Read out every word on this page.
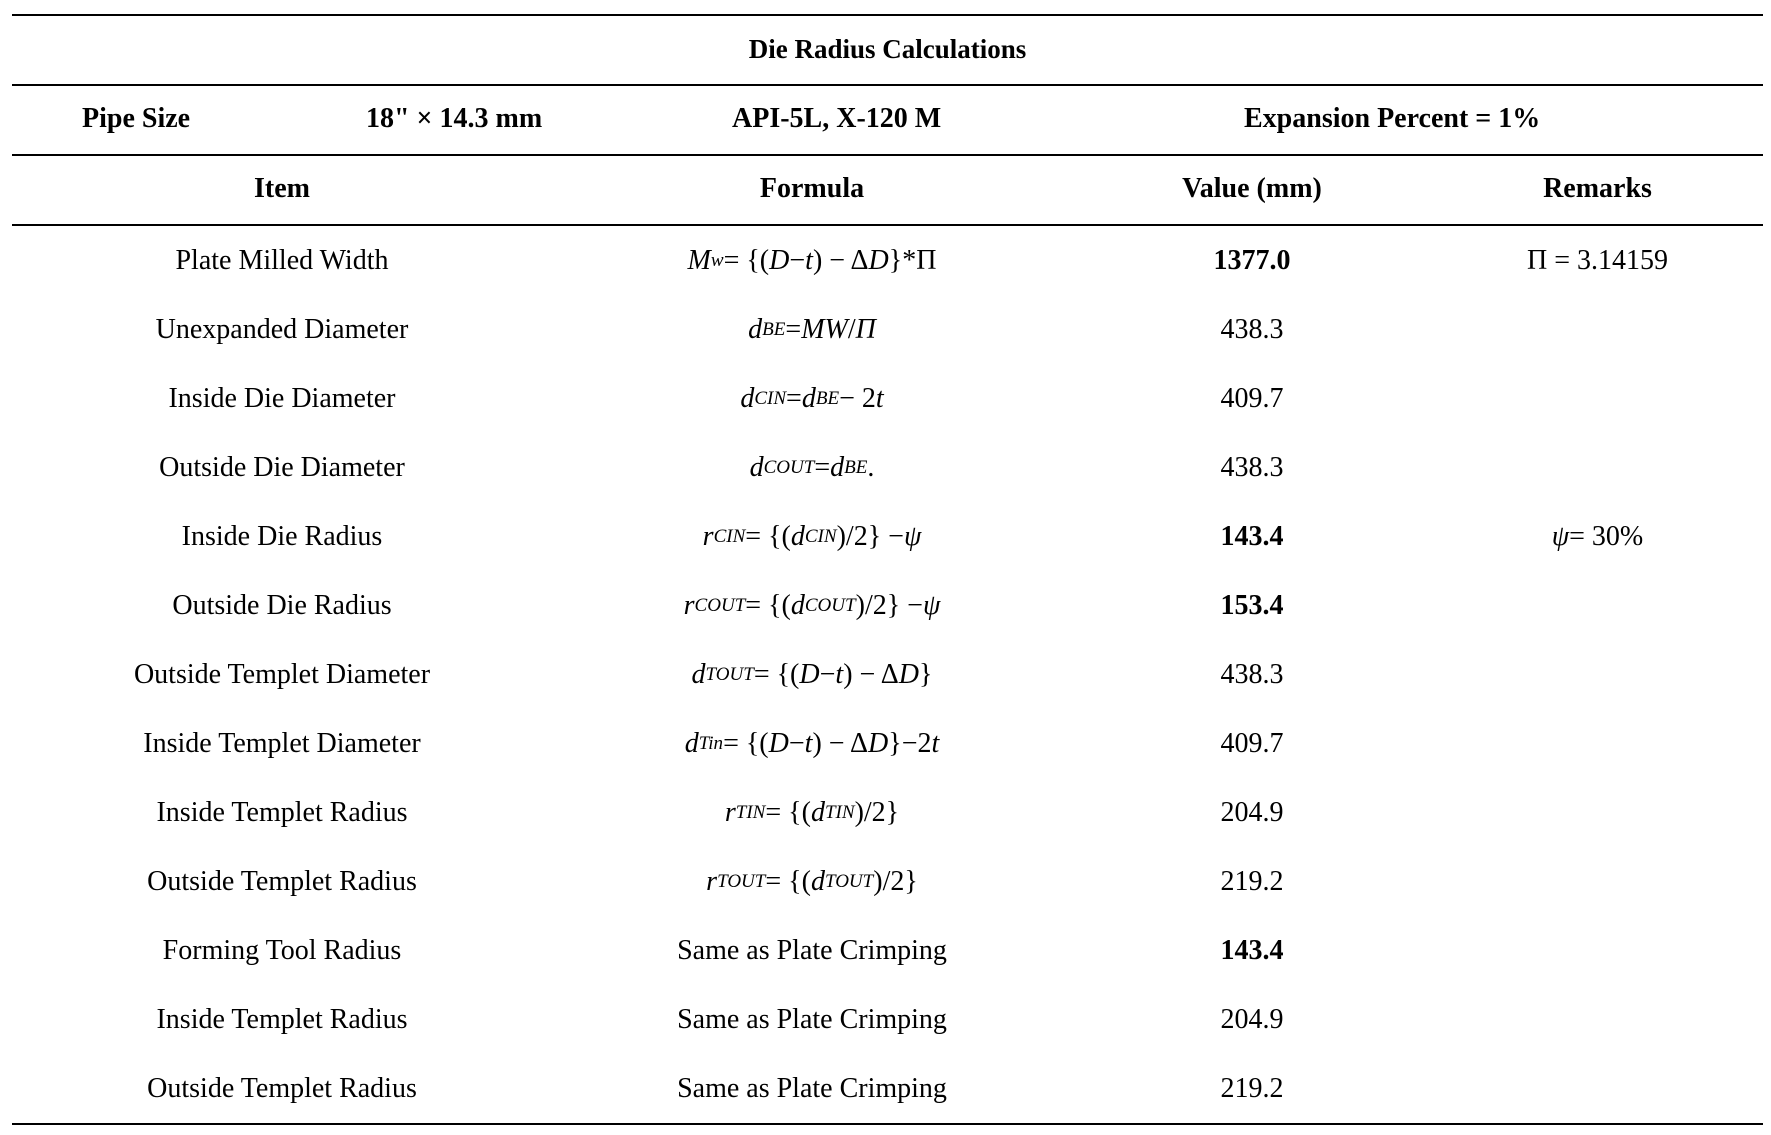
Die Radius Calculations
Pipe Size	18" × 14.3 mm	API-5L, X-120 M	Expansion Percent = 1%
Item	Formula	Value (mm)	Remarks
Plate Milled Width	M w = {( D − t ) − Δ D }*Π	1377.0	Π = 3.14159
Unexpanded Diameter	d BE = MW / Π	438.3
Inside Die Diameter	d CIN = d BE − 2 t	409.7
Outside Die Diameter	d COUT = d BE .	438.3
Inside Die Radius	r CIN = {( d CIN )/2} − ψ	143.4	ψ = 30%
Outside Die Radius	r COUT = {( d COUT )/2} − ψ	153.4
Outside Templet Diameter	d TOUT = {( D − t ) − Δ D }	438.3
Inside Templet Diameter	d Tin = {( D − t ) − Δ D }−2 t	409.7
Inside Templet Radius	r TIN = {( d TIN )/2}	204.9
Outside Templet Radius	r TOUT = {( d TOUT )/2}	219.2
Forming Tool Radius	Same as Plate Crimping	143.4
Inside Templet Radius	Same as Plate Crimping	204.9
Outside Templet Radius	Same as Plate Crimping	219.2
